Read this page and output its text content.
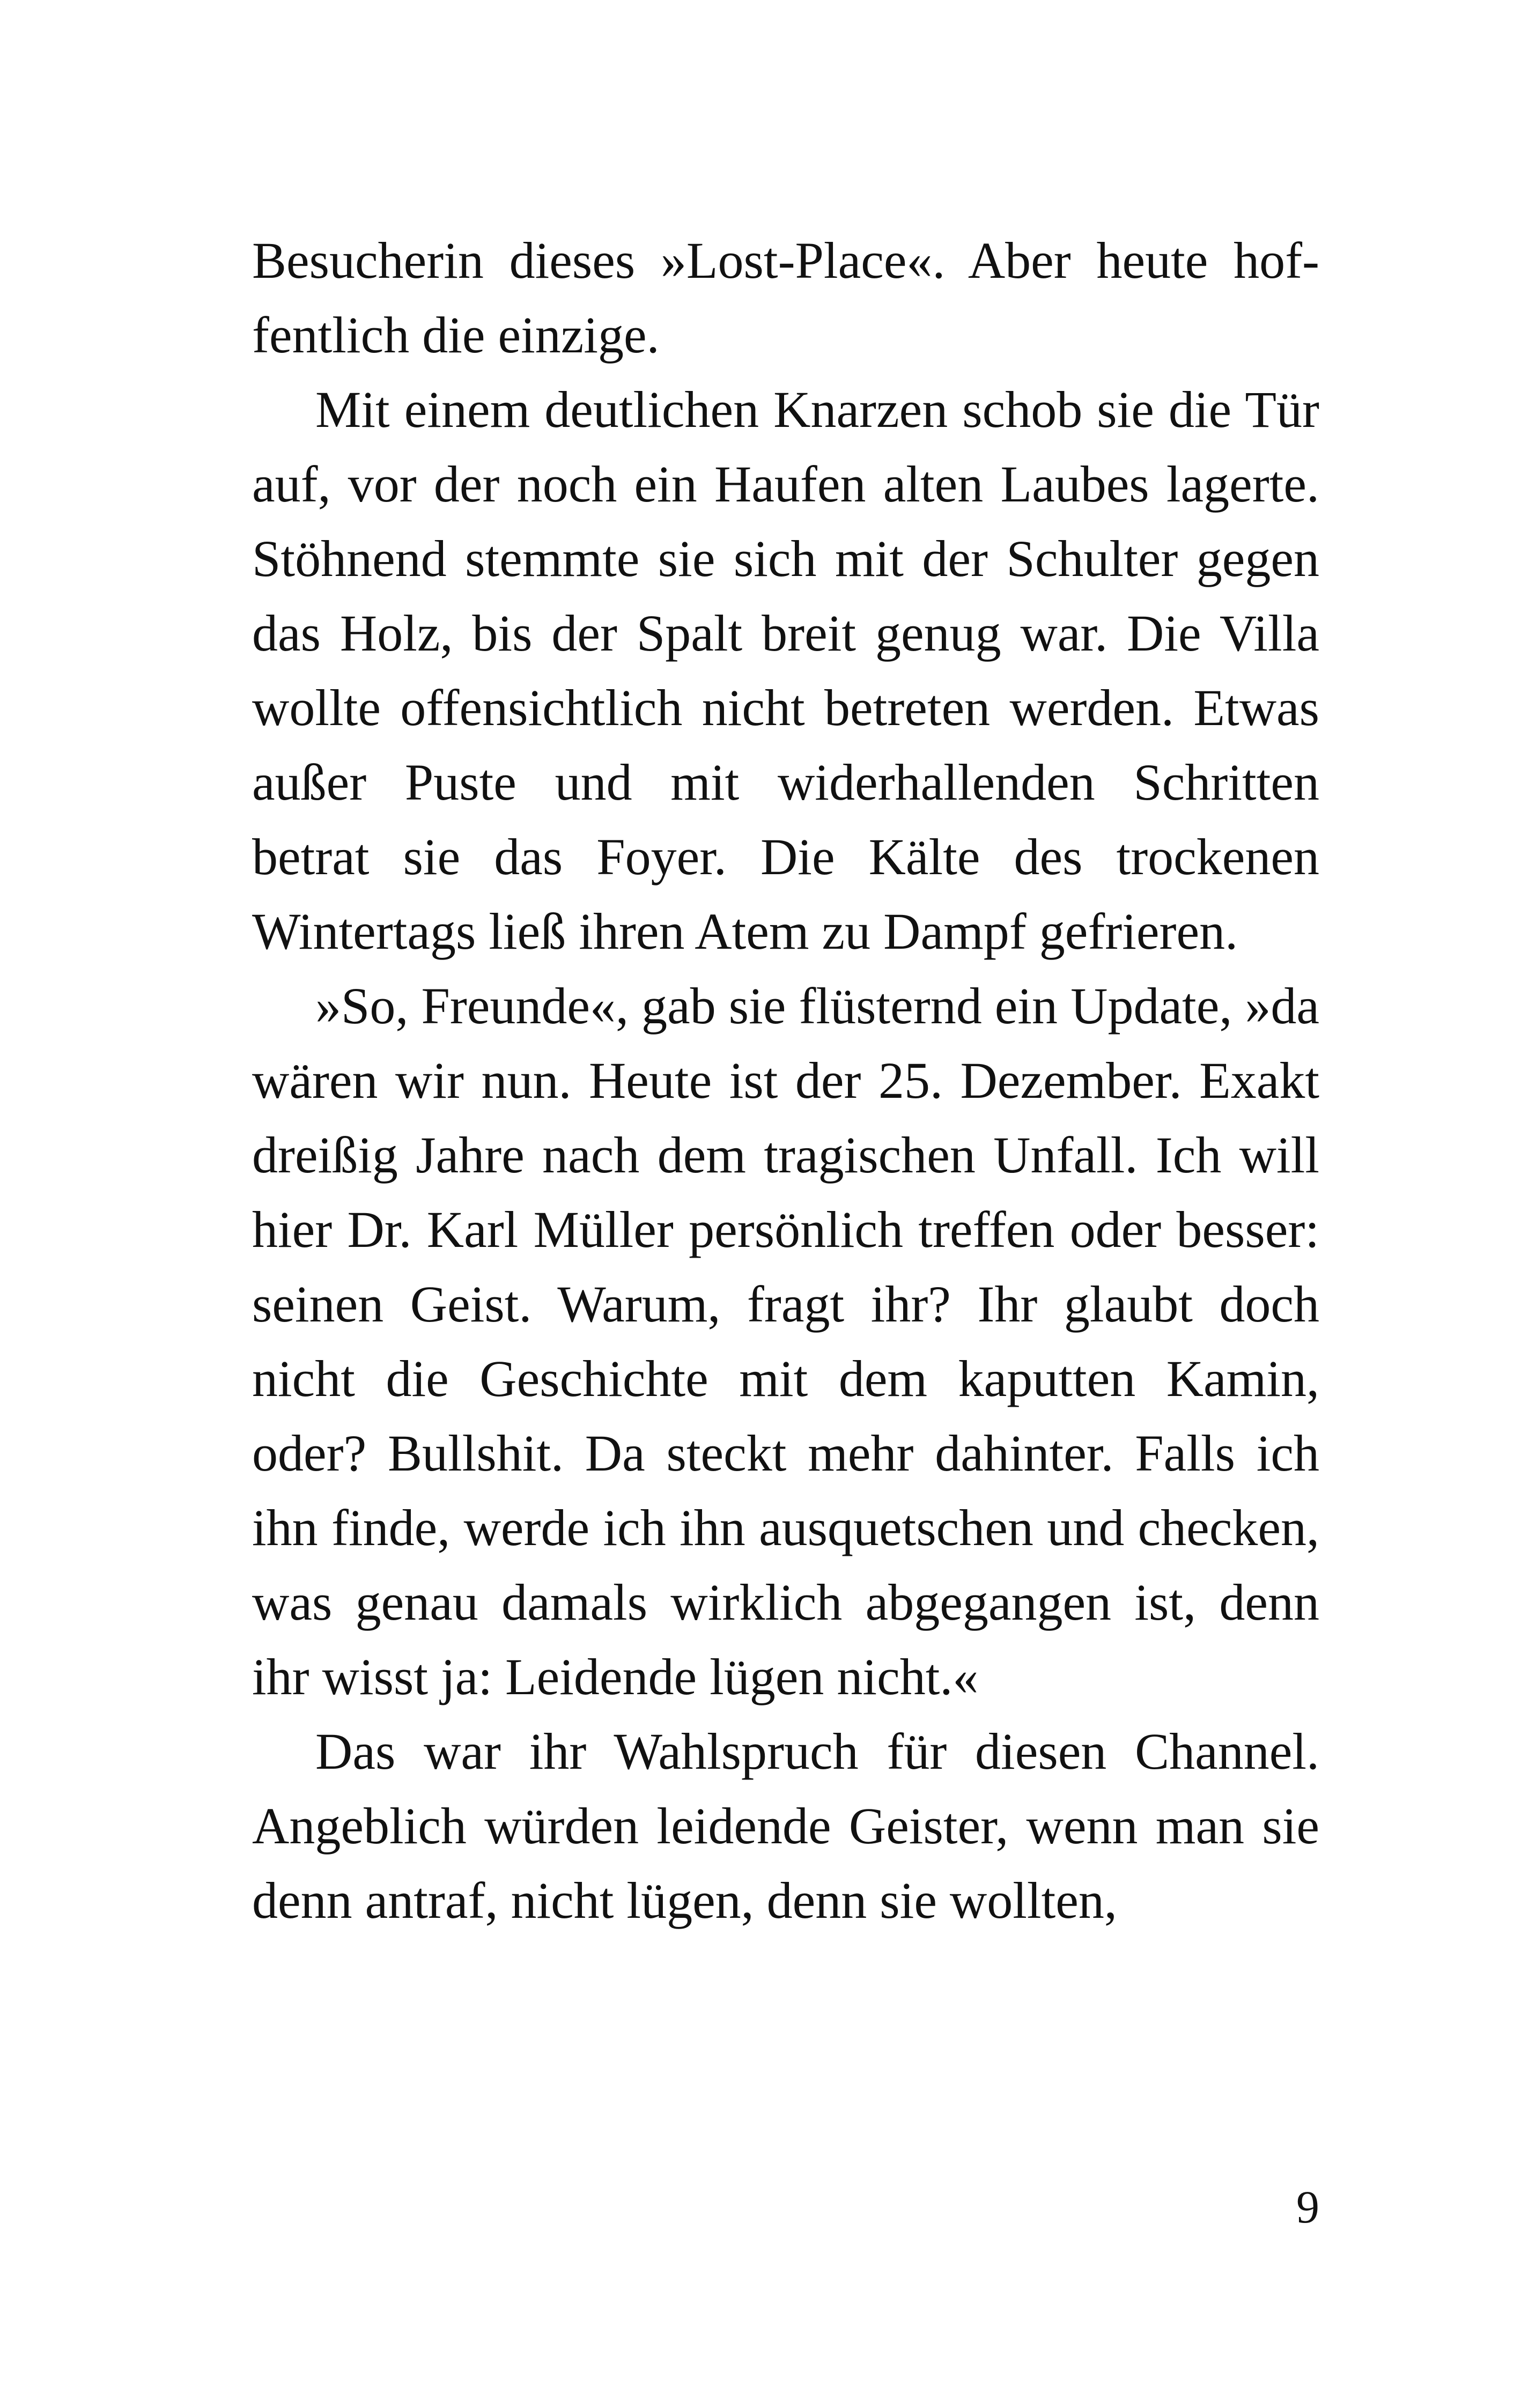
Besucherin dieses »Lost-Place«. Aber heute hoffentlich die einzige.

Mit einem deutlichen Knarzen schob sie die Tür auf, vor der noch ein Haufen alten Laubes lagerte. Stöhnend stemmte sie sich mit der Schulter gegen das Holz, bis der Spalt breit genug war. Die Villa wollte offensichtlich nicht betreten werden. Etwas außer Puste und mit widerhallenden Schritten betrat sie das Foyer. Die Kälte des trockenen Wintertags ließ ihren Atem zu Dampf gefrieren.

»So, Freunde«, gab sie flüsternd ein Update, »da wären wir nun. Heute ist der 25. Dezember. Exakt dreißig Jahre nach dem tragischen Unfall. Ich will hier Dr. Karl Müller persönlich treffen oder besser: seinen Geist. Warum, fragt ihr? Ihr glaubt doch nicht die Geschichte mit dem kaputten Kamin, oder? Bullshit. Da steckt mehr dahinter. Falls ich ihn finde, werde ich ihn ausquetschen und checken, was genau damals wirklich abgegangen ist, denn ihr wisst ja: Leidende lügen nicht.«

Das war ihr Wahlspruch für diesen Channel. Angeblich würden leidende Geister, wenn man sie denn antraf, nicht lügen, denn sie wollten,

9
